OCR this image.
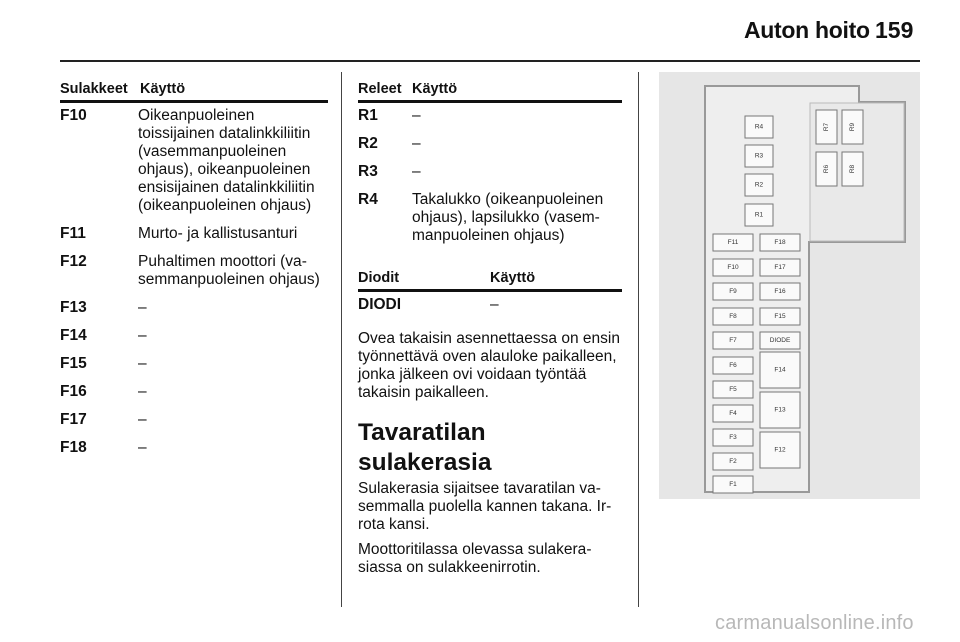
Auton hoito 159
Sulakkeet Käyttö
F10	Oikeanpuoleinen toissijainen datalinkkiliitin (vasemmanpuoleinen ohjaus), oikeanpuoleinen ensisijainen datalinkkiliitin (oikeanpuoleinen ohjaus)
F11	Murto- ja kallistusanturi
F12	Puhaltimen moottori (vasemmanpuoleinen ohjaus)
F13	–
F14	–
F15	–
F16	–
F17	–
F18	–
Releet Käyttö
R1	–
R2	–
R3	–
R4	Takalukko (oikeanpuoleinen ohjaus), lapsilukko (vasemmanpuoleinen ohjaus)
Diodit	Käyttö
DIODI	–

Ovea takaisin asennettaessa on ensin työnnettävä oven alauloke paikalleen, jonka jälkeen ovi voidaan työntää takaisin paikalleen.

Tavaratilan sulakerasia

Sulakerasia sijaitsee tavaratilan vasemmalla puolella kannen takana. Irrota kansi.

Moottoritilassa olevassa sulakerasiassa on sulakkeenirrotin.

R4
R3
R2
R1
R7	R9
R6	R8
F11
F10
F9
F8
F7
F6
F5
F4
F3
F2
F1
F18
F17
F16
F15
DIODE
F14
F13
F12
carmanualsonline.info
